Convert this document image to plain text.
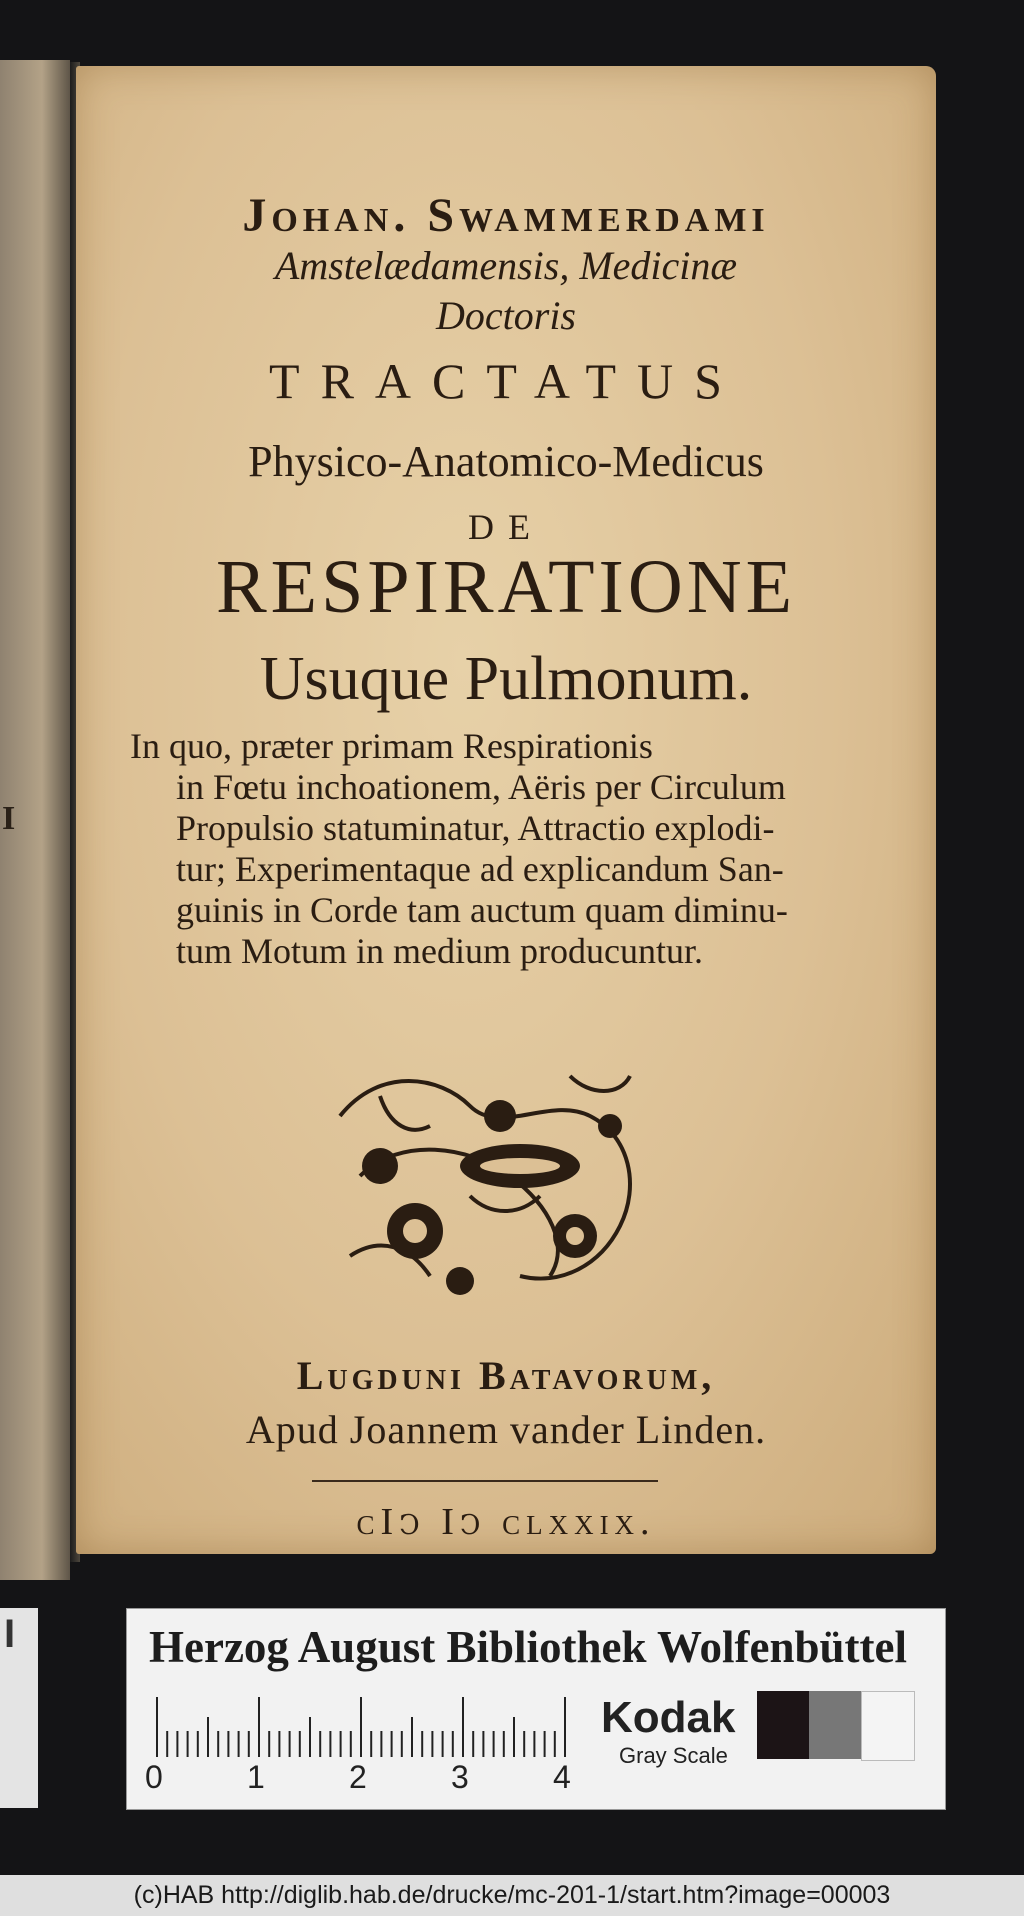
I
Johan. Swammerdami
Amstelædamensis, Medicinæ
Doctoris
TRACTATUS
Physico-Anatomico-Medicus
DE
RESPIRATIONE
Usuque Pulmonum.
In quo, præter primam Respirationis
in Fœtu inchoationem, Aëris per Circulum
Propulsio statuminatur, Attractio explodi-
tur; Experimentaque ad explicandum San-
guinis in Corde tam auctum quam diminu-
tum Motum in medium producuntur.
Lugduni Batavorum,
Apud Joannem vander Linden.
cIↄ Iↄ clxxix.
I	Herzog August Bibliothek Wolfenbüttel
0	1	2	3	4
Kodak
Gray Scale
(c)HAB http://diglib.hab.de/drucke/mc-201-1/start.htm?image=00003
